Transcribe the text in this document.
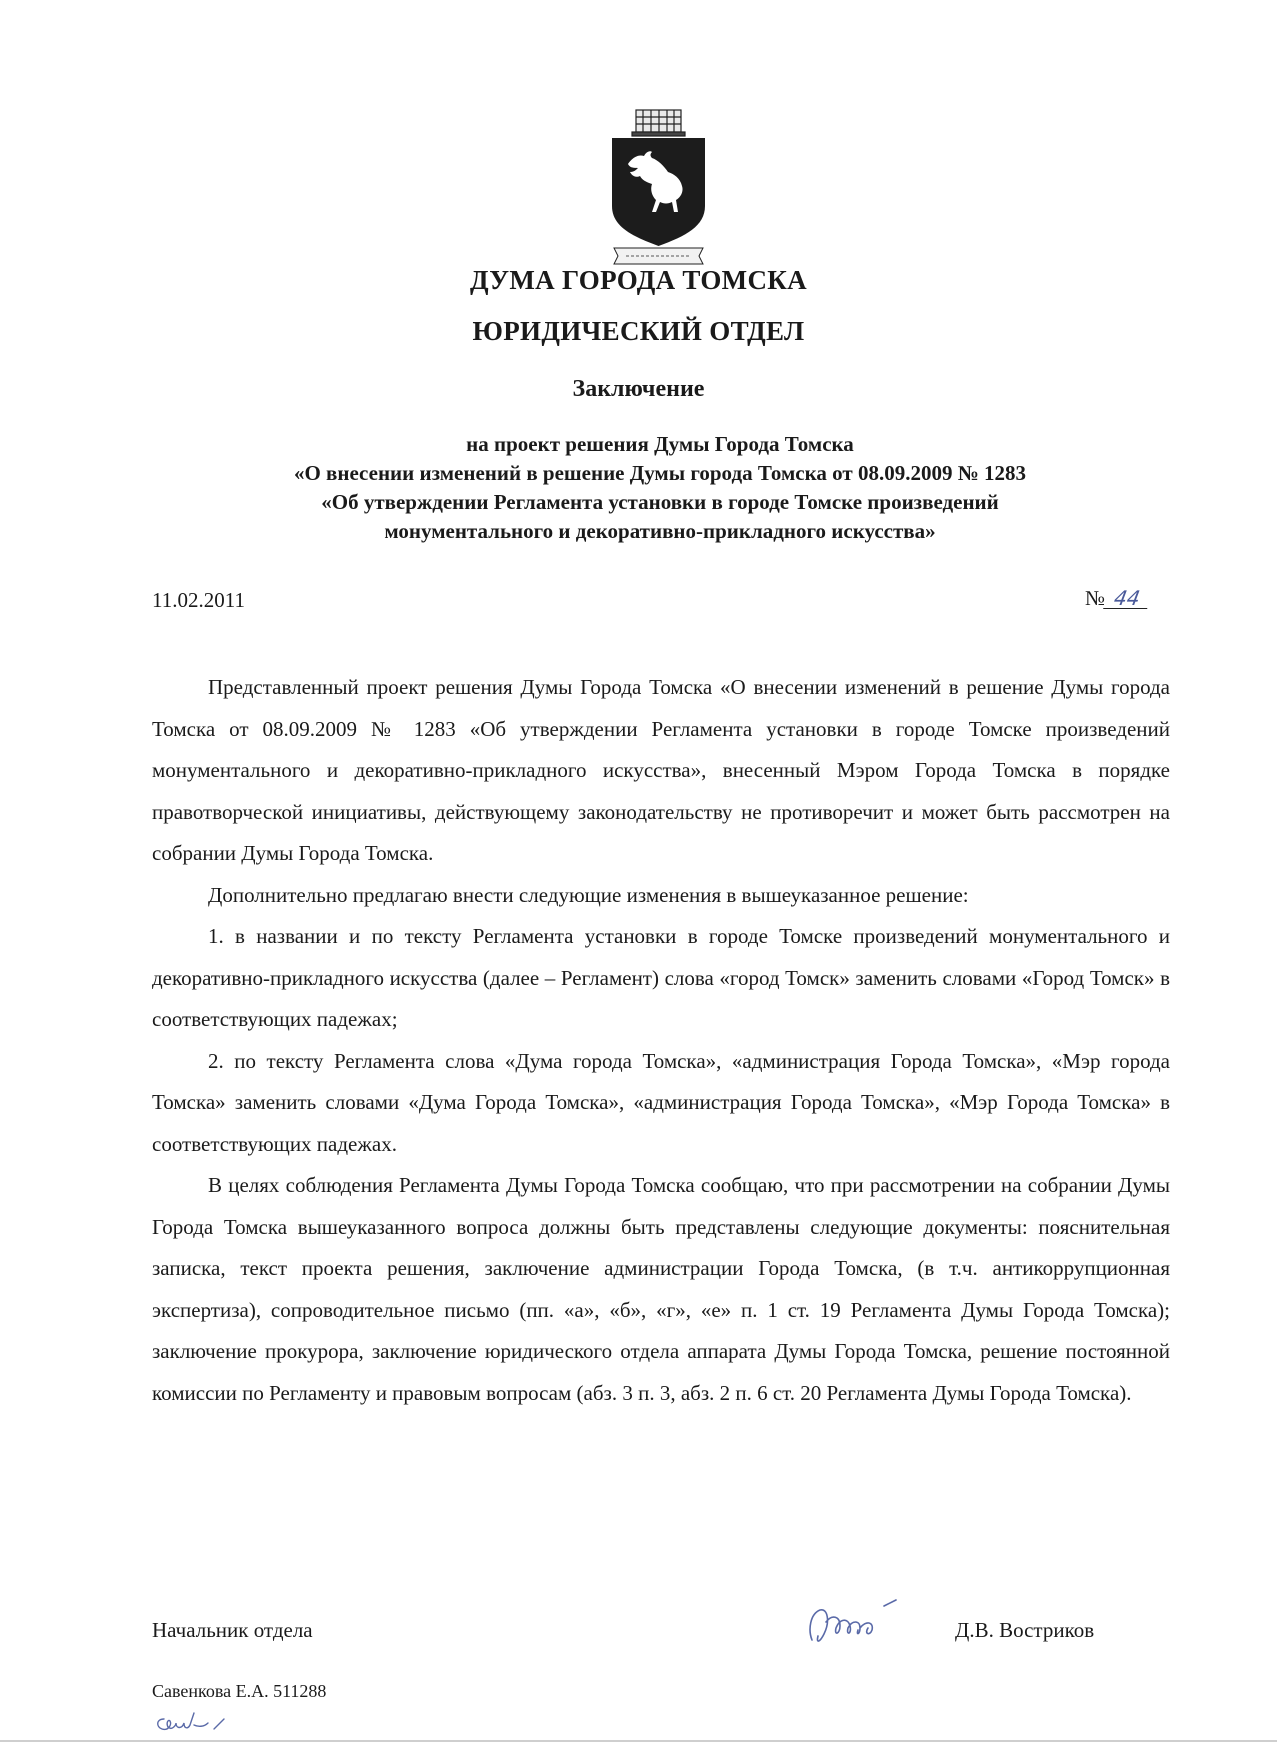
ДУМА ГОРОДА ТОМСКА
ЮРИДИЧЕСКИЙ ОТДЕЛ
Заключение
на проект решения Думы Города Томска
«О внесении изменений в решение Думы города Томска от 08.09.2009 № 1283
«Об утверждении Регламента установки в городе Томске произведений
монументального и декоративно-прикладного искусства»
11.02.2011	№ 44

Представленный проект решения Думы Города Томска «О внесении изменений в решение Думы города Томска от 08.09.2009 № 1283 «Об утверждении Регламента установки в городе Томске произведений монументального и декоративно-прикладного искусства», внесенный Мэром Города Томска в порядке правотворческой инициативы, действующему законодательству не противоречит и может быть рассмотрен на собрании Думы Города Томска.

Дополнительно предлагаю внести следующие изменения в вышеуказанное решение:

1. в названии и по тексту Регламента установки в городе Томске произведений монументального и декоративно-прикладного искусства (далее – Регламент) слова «город Томск» заменить словами «Город Томск» в соответствующих падежах;

2. по тексту Регламента слова «Дума города Томска», «администрация Города Томска», «Мэр города Томска» заменить словами «Дума Города Томска», «администрация Города Томска», «Мэр Города Томска» в соответствующих падежах.

В целях соблюдения Регламента Думы Города Томска сообщаю, что при рассмотрении на собрании Думы Города Томска вышеуказанного вопроса должны быть представлены следующие документы: пояснительная записка, текст проекта решения, заключение администрации Города Томска, (в т.ч. антикоррупционная экспертиза), сопроводительное письмо (пп. «а», «б», «г», «е» п. 1 ст. 19 Регламента Думы Города Томска); заключение прокурора, заключение юридического отдела аппарата Думы Города Томска, решение постоянной комиссии по Регламенту и правовым вопросам (абз. 3 п. 3, абз. 2 п. 6 ст. 20 Регламента Думы Города Томска).

Начальник отдела	Д.В. Востриков
Савенкова Е.А. 511288
